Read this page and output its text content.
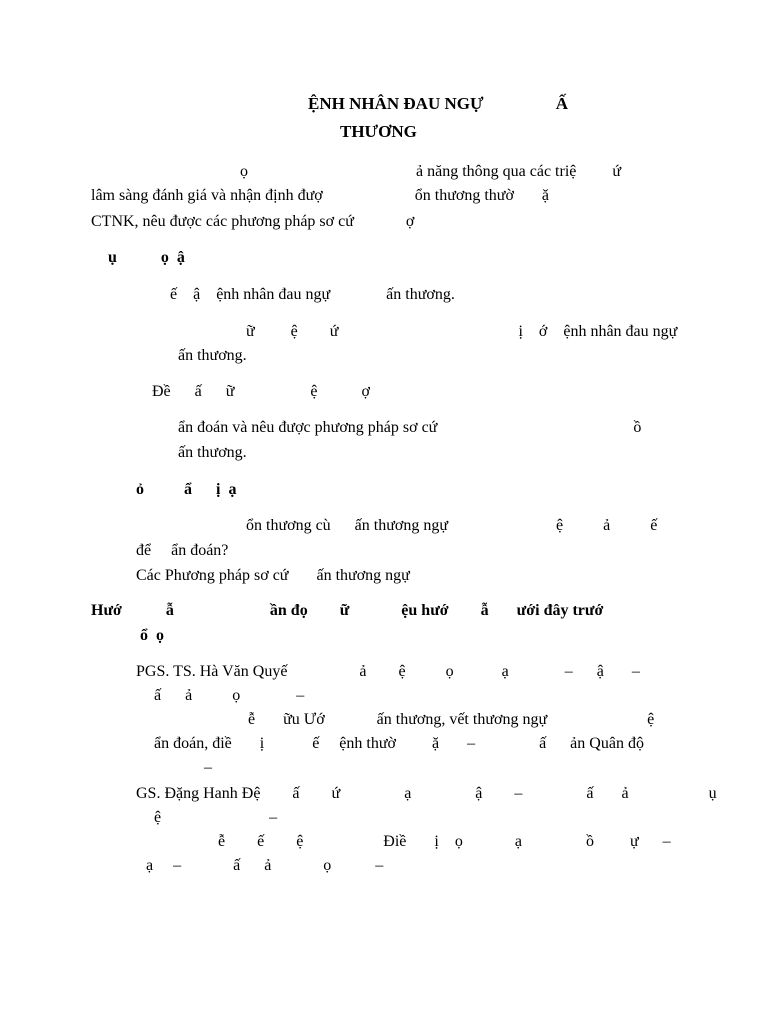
ỆNH NHÂN ĐAU NGỰ                 Ấ
THƯƠNG
ọ                                          ả năng thông qua các triệ         ứ
lâm sàng đánh giá và nhận định đượ                       ổn thương thườ       ặ
CTNK, nêu được các phương pháp sơ cứ             ợ
ụ           ọ  ậ
ế    ậ    ệnh nhân đau ngự              ấn thương.
ữ         ệ        ứ                                             ị    ớ    ệnh nhân đau ngự
ấn thương.
Đề      ấ      ữ                   ệ           ợ
ẩn đoán và nêu được phương pháp sơ cứ                                                 ồ
ấn thương.
ỏ          ẩ      ị  ạ
ổn thương cù      ấn thương ngự                           ệ          ả          ế
để     ẩn đoán?
Các Phương pháp sơ cứ       ấn thương ngự
Hướ           ẫ                        ần đọ        ữ             ệu hướ        ẫ       ưới đây trướ
ổ  ọ
PGS. TS. Hà Văn Quyế                  ả        ệ          ọ            ạ              –      ậ       –
ấ      ả          ọ              –
ễ       ữu Ướ             ấn thương, vết thương ngự                         ệ
ẩn đoán, điề       ị            ế     ệnh thườ         ặ       –                ấ      ản Quân độ
–
GS. Đặng Hanh Đệ        ấ        ứ                ạ                ậ        –                ấ       ả                    ụ
ệ                           –
ễ        ế        ệ                    Điề       ị    ọ             ạ                ồ         ự      –
ạ     –             ấ      ả             ọ           –
